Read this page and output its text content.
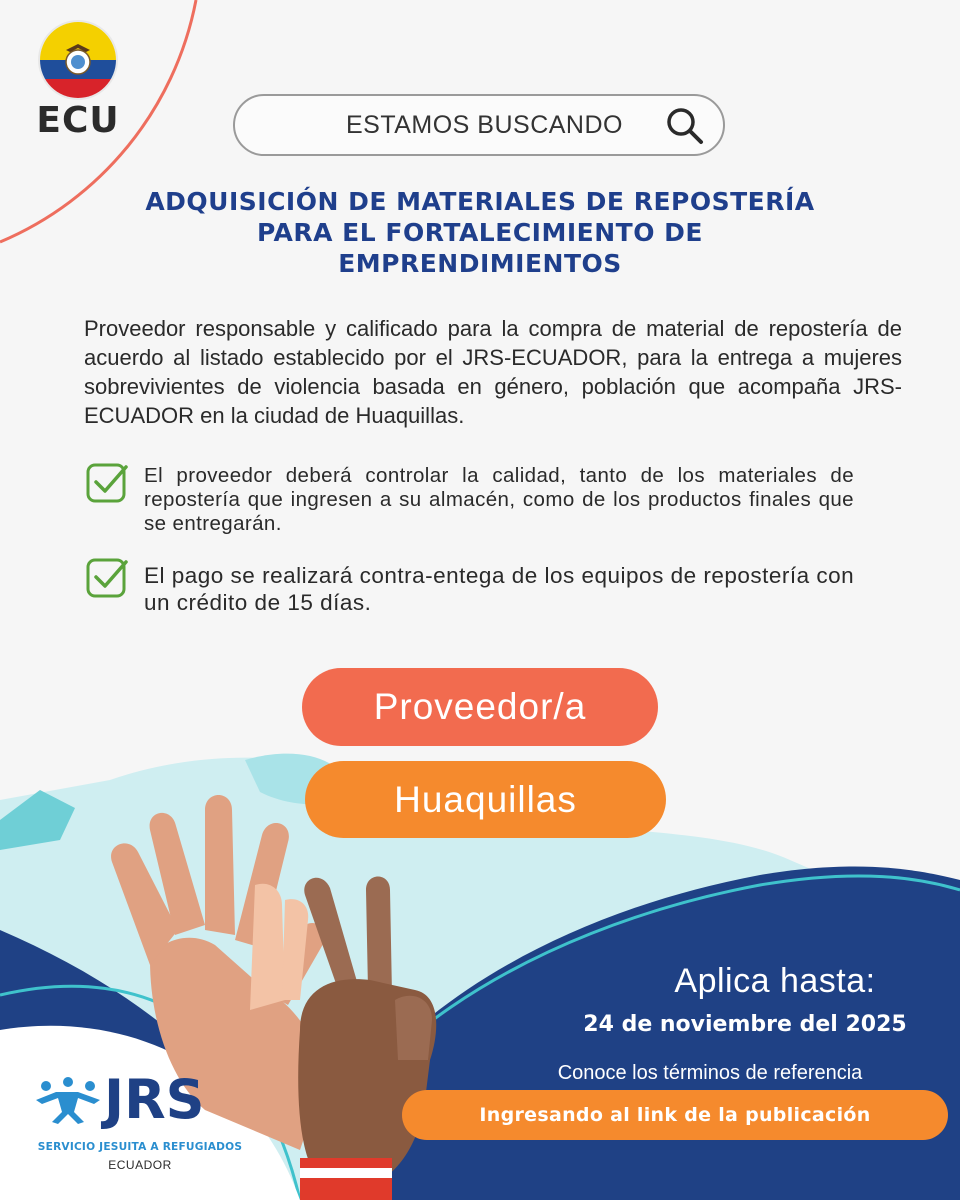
ECU	ESTAMOS BUSCANDO
ADQUISICIÓN DE MATERIALES DE REPOSTERÍA
PARA EL FORTALECIMIENTO DE
EMPRENDIMIENTOS
Proveedor responsable y calificado para la compra de material de repostería de acuerdo al listado establecido por el JRS-ECUADOR, para la entrega a mujeres sobrevivientes de violencia basada en género, población que acompaña JRS-ECUADOR en la ciudad de Huaquillas.
El proveedor deberá controlar la calidad, tanto de los materiales de repostería que ingresen a su almacén, como de los productos finales que se entregarán.
El pago se realizará contra-entega de los equipos de repostería con un crédito de 15 días.
Proveedor/a
Huaquillas
Aplica hasta:
24 de noviembre del 2025
Conoce los términos de referencia
Ingresando al link de la publicación
JRS
SERVICIO JESUITA A REFUGIADOS
ECUADOR
